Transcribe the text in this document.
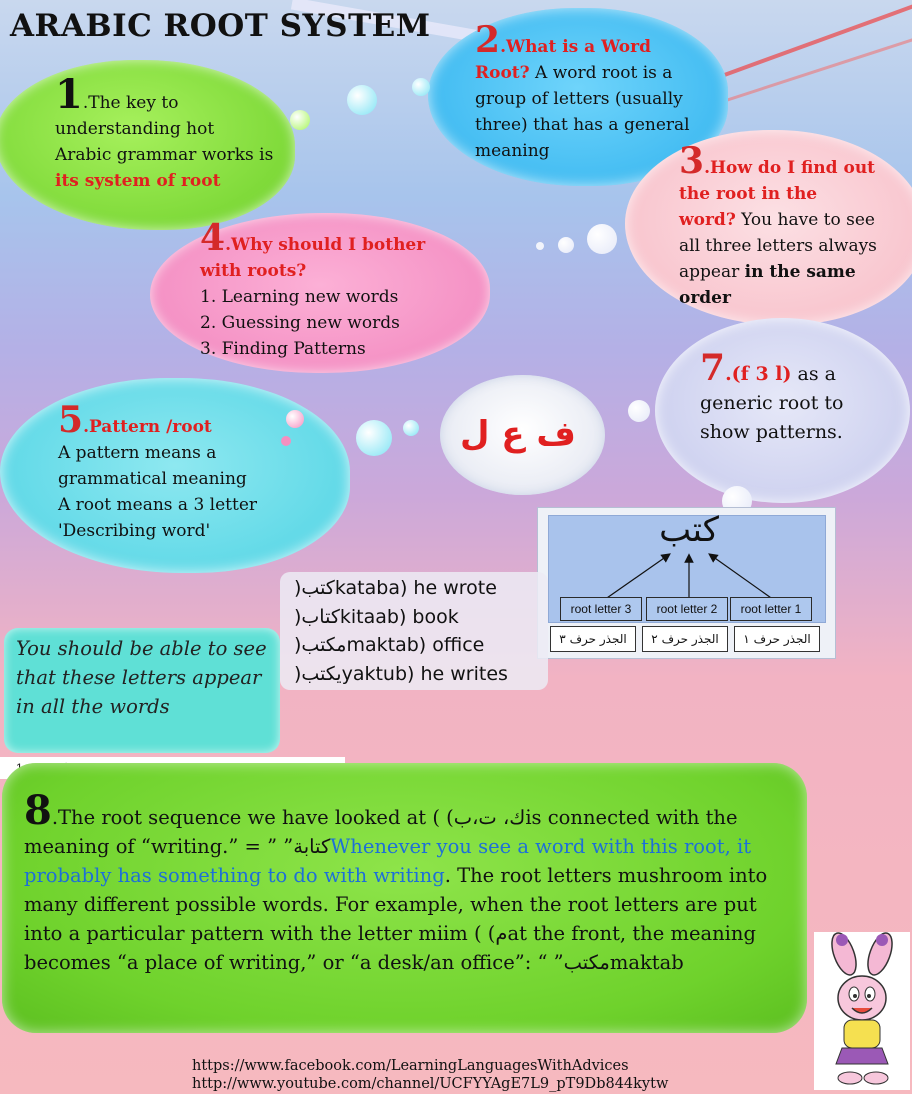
ARABIC ROOT SYSTEM
1.The key to understanding hot Arabic grammar works is its system of root
2.What is a Word
Root? A word root is a group of letters (usually three) that has a general meaning	3.How do I find out the root in the word? You have to see all three letters always appear in the same order
4.Why should I bother with roots?
1. Learning new words
2. Guessing new words
3. Finding Patterns
5.Pattern /root
A pattern means a grammatical meaning
A root means a 3 letter 'Describing word'
ف ع ل
7.(f 3 l) as a
generic root to show patterns.
كتب
root letter 3	root letter 2	root letter 1
الجذر حرف ٣	الجذر حرف ٢	الجذر حرف ١
)كتبkataba) he wrote
)كتابkitaab) book
)مكتبmaktab) office
)يكتبyaktub) he writes
You should be able to see that these letters appear in all the words
8.The root sequence we have looked at ( (ك، ت،بis connected with the meaning of “writing.” = ” ”كتابةWhenever you see a word with this root, it probably has something to do with writing. The root letters mushroom into many different possible words. For example, when the root letters are put into a particular pattern with the letter miim ( (مat the front, the meaning becomes “a place of writing,” or “a desk/an office”: “ ”مكتبmaktab
https://www.facebook.com/LearningLanguagesWithAdvices
http://www.youtube.com/channel/UCFYYAgE7L9_pT9Db844kytw
